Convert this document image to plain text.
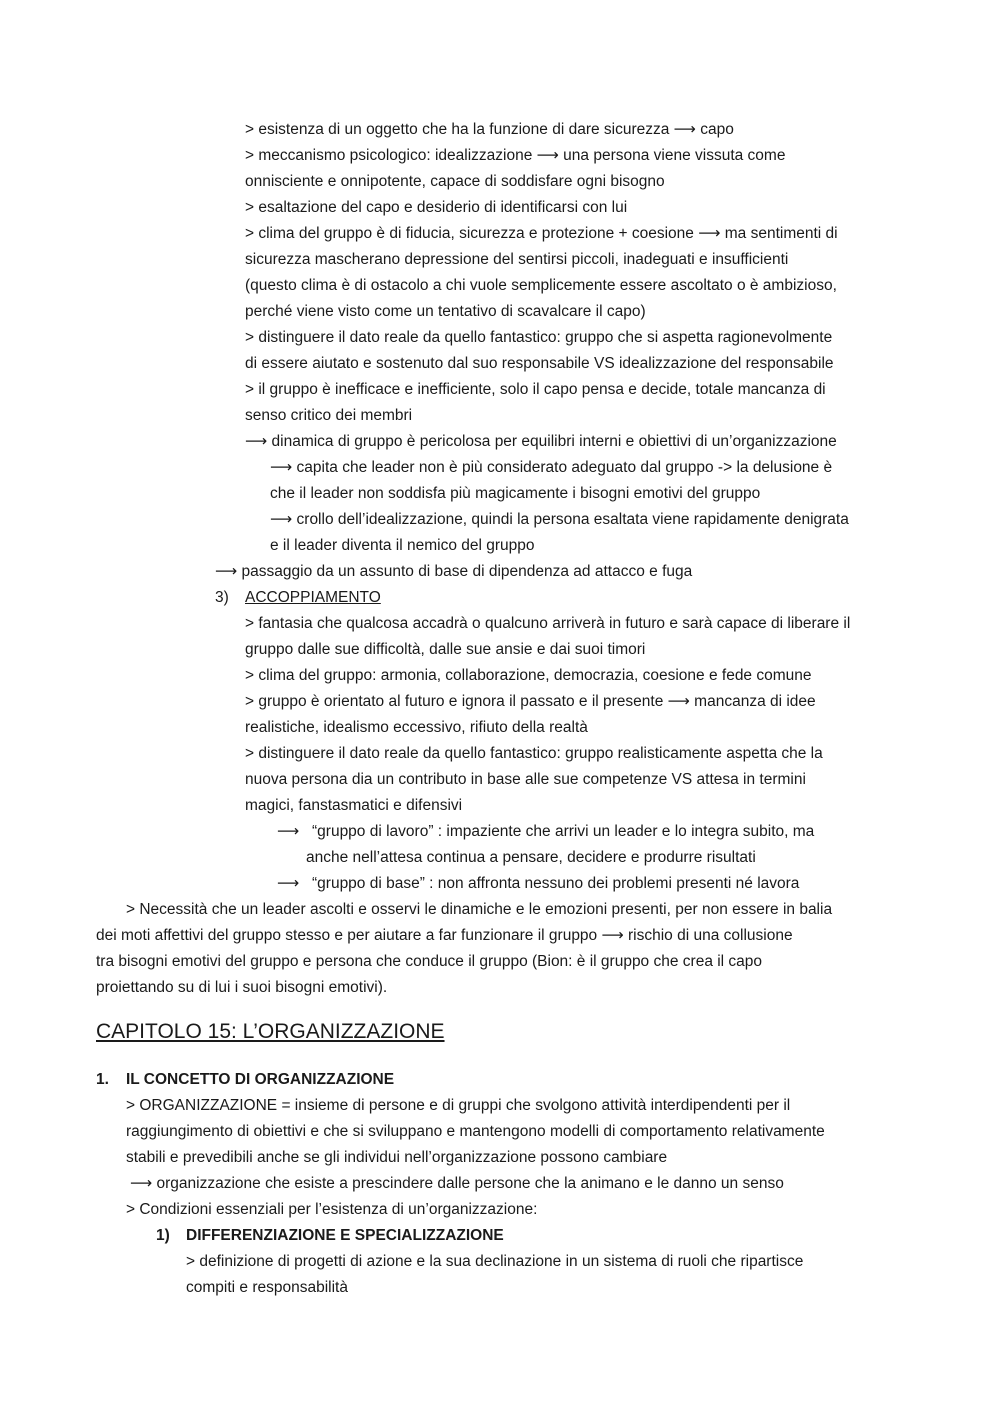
> esistenza di un oggetto che ha la funzione di dare sicurezza ⟶ capo
> meccanismo psicologico: idealizzazione ⟶ una persona viene vissuta come
onnisciente e onnipotente, capace di soddisfare ogni bisogno
> esaltazione del capo e desiderio di identificarsi con lui
> clima del gruppo è di fiducia, sicurezza e protezione + coesione ⟶ ma sentimenti di
sicurezza mascherano depressione del sentirsi piccoli, inadeguati e insufficienti
(questo clima è di ostacolo a chi vuole semplicemente essere ascoltato o è ambizioso,
perché viene visto come un tentativo di scavalcare il capo)
> distinguere il dato reale da quello fantastico: gruppo che si aspetta ragionevolmente
di essere aiutato e sostenuto dal suo responsabile VS idealizzazione del responsabile
> il gruppo è inefficace e inefficiente, solo il capo pensa e decide, totale mancanza di
senso critico dei membri
⟶ dinamica di gruppo è pericolosa per equilibri interni e obiettivi di un’organizzazione
⟶ capita che leader non è più considerato adeguato dal gruppo -> la delusione è
che il leader non soddisfa più magicamente i bisogni emotivi del gruppo
⟶ crollo dell’idealizzazione, quindi la persona esaltata viene rapidamente denigrata
e il leader diventa il nemico del gruppo
⟶ passaggio da un assunto di base di dipendenza ad attacco e fuga
3) ACCOPPIAMENTO
> fantasia che qualcosa accadrà o qualcuno arriverà in futuro e sarà capace di liberare il
gruppo dalle sue difficoltà, dalle sue ansie e dai suoi timori
> clima del gruppo: armonia, collaborazione, democrazia, coesione e fede comune
> gruppo è orientato al futuro e ignora il passato e il presente ⟶ mancanza di idee
realistiche, idealismo eccessivo, rifiuto della realtà
> distinguere il dato reale da quello fantastico: gruppo realisticamente aspetta che la
nuova persona dia un contributo in base alle sue competenze VS attesa in termini
magici, fanstasmatici e difensivi
⟶ “gruppo di lavoro” : impaziente che arrivi un leader e lo integra subito, ma
anche nell’attesa continua a pensare, decidere e produrre risultati
⟶ “gruppo di base” : non affronta nessuno dei problemi presenti né lavora
> Necessità che un leader ascolti e osservi le dinamiche e le emozioni presenti, per non essere in balia
dei moti affettivi del gruppo stesso e per aiutare a far funzionare il gruppo ⟶ rischio di una collusione
tra bisogni emotivi del gruppo e persona che conduce il gruppo (Bion: è il gruppo che crea il capo
proiettando su di lui i suoi bisogni emotivi).
CAPITOLO 15: L’ORGANIZZAZIONE
1. IL CONCETTO DI ORGANIZZAZIONE
> ORGANIZZAZIONE = insieme di persone e di gruppi che svolgono attività interdipendenti per il
raggiungimento di obiettivi e che si sviluppano e mantengono modelli di comportamento relativamente
stabili e prevedibili anche se gli individui nell’organizzazione possono cambiare
⟶ organizzazione che esiste a prescindere dalle persone che la animano e le danno un senso
> Condizioni essenziali per l’esistenza di un’organizzazione:
1) DIFFERENZIAZIONE E SPECIALIZZAZIONE
> definizione di progetti di azione e la sua declinazione in un sistema di ruoli che ripartisce
compiti e responsabilità
